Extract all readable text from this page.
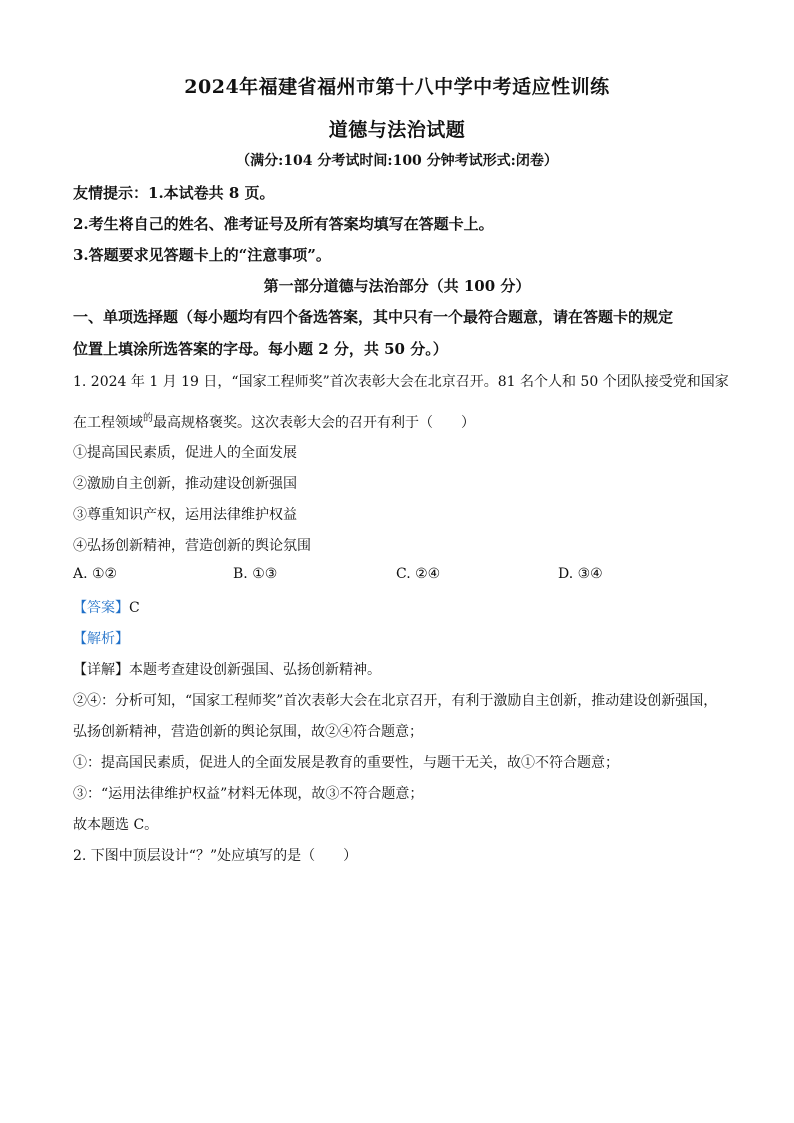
2024年福建省福州市第十八中学中考适应性训练
道德与法治试题
（满分:104 分考试时间:100 分钟考试形式:闭卷）
友情提示：1.本试卷共 8 页。
2.考生将自己的姓名、准考证号及所有答案均填写在答题卡上。
3.答题要求见答题卡上的“注意事项”。
第一部分道德与法治部分（共 100 分）
一、单项选择题（每小题均有四个备选答案，其中只有一个最符合题意，请在答题卡的规定
位置上填涂所选答案的字母。每小题 2 分，共 50 分。）
1. 2024 年 1 月 19 日，“国家工程师奖”首次表彰大会在北京召开。81 名个人和 50 个团队接受党和国家
在工程领域$^的$最高规格褒奖。这次表彰大会的召开有利于（　　）
①提高国民素质，促进人的全面发展
②激励自主创新，推动建设创新强国
③尊重知识产权，运用法律维护权益
④弘扬创新精神，营造创新的舆论氛围
A. ①②	B. ①③	C. ②④	D. ③④
【答案】C
【解析】
【详解】本题考查建设创新强国、弘扬创新精神。
②④：分析可知，“国家工程师奖”首次表彰大会在北京召开，有利于激励自主创新，推动建设创新强国，
弘扬创新精神，营造创新的舆论氛围，故②④符合题意；
①：提高国民素质，促进人的全面发展是教育的重要性，与题干无关，故①不符合题意；
③：“运用法律维护权益”材料无体现，故③不符合题意；
故本题选 C。
2. 下图中顶层设计“？”处应填写的是（　　）
